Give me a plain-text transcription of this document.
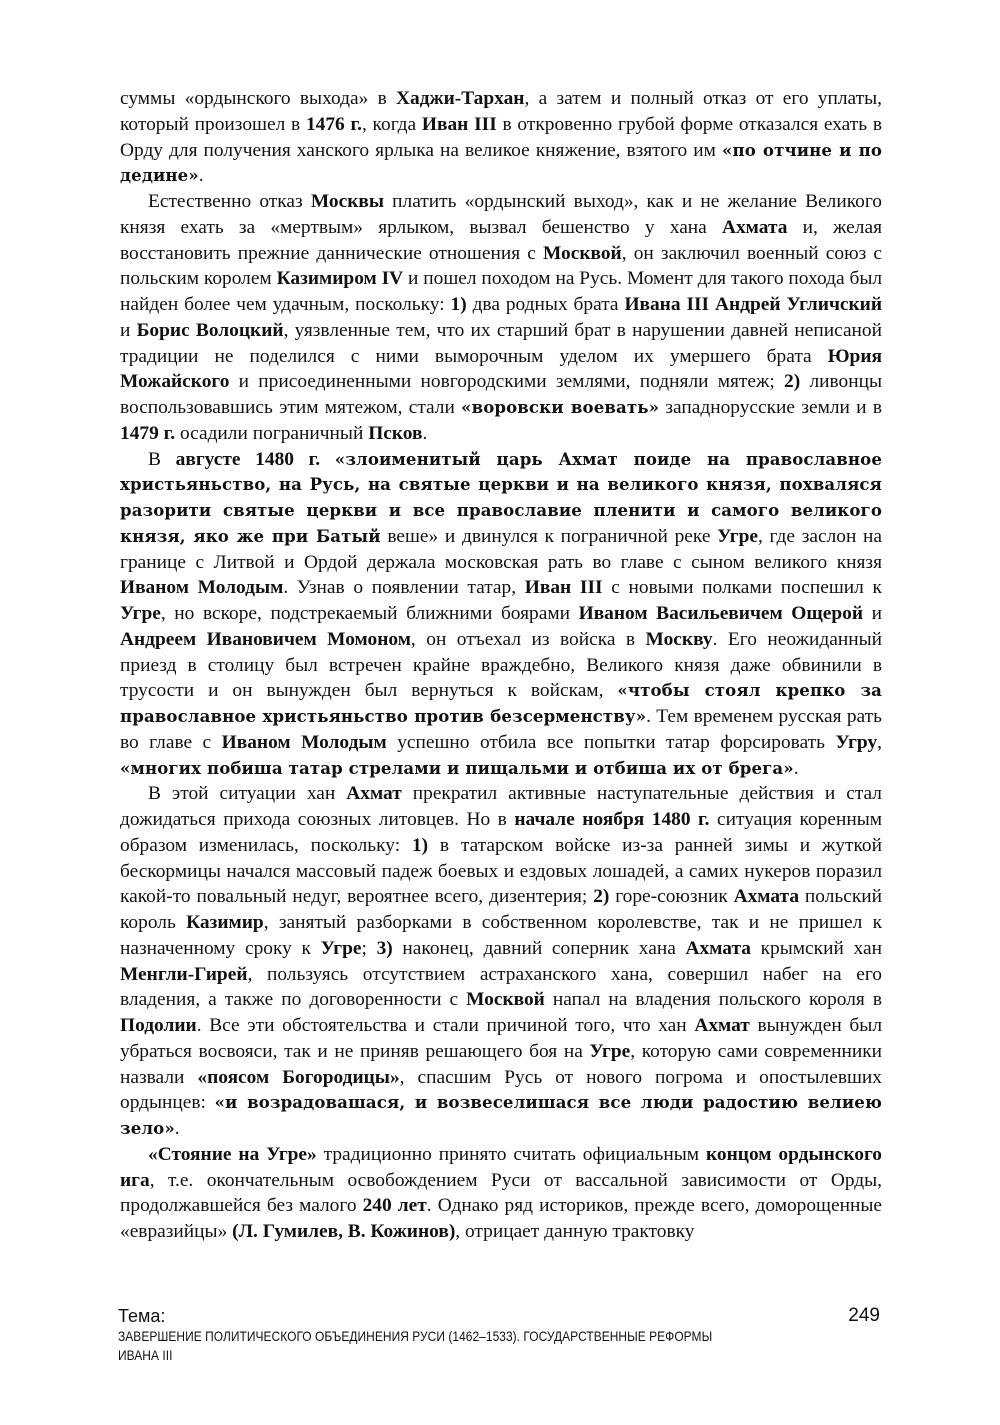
суммы «ордынского выхода» в Хаджи-Тархан, а затем и полный отказ от его уплаты, который произошел в 1476 г., когда Иван III в откровенно грубой форме отказался ехать в Орду для получения ханского ярлыка на великое княжение, взятого им «по отчине и по дедине».

Естественно отказ Москвы платить «ордынский выход», как и не желание Великого князя ехать за «мертвым» ярлыком, вызвал бешенство у хана Ахмата и, желая восстановить прежние даннические отношения с Москвой, он заключил военный союз с польским королем Казимиром IV и пошел походом на Русь. Момент для такого похода был найден более чем удачным, поскольку: 1) два родных брата Ивана III Андрей Угличский и Борис Волоцкий, уязвленные тем, что их старший брат в нарушении давней неписаной традиции не поделился с ними выморочным уделом их умершего брата Юрия Можайского и присоединенными новгородскими землями, подняли мятеж; 2) ливонцы воспользовавшись этим мятежом, стали «воровски воевать» западнорусские земли и в 1479 г. осадили пограничный Псков.

В августе 1480 г. «злоименитый царь Ахмат поиде на православное христьяньство, на Русь, на святые церкви и на великого князя, похваляся разорити святые церкви и все православие пленити и самого великого князя, яко же при Батый веше» и двинулся к пограничной реке Угре, где заслон на границе с Литвой и Ордой держала московская рать во главе с сыном великого князя Иваном Молодым. Узнав о появлении татар, Иван III с новыми полками поспешил к Угре, но вскоре, подстрекаемый ближними боярами Иваном Васильевичем Ощерой и Андреем Ивановичем Момоном, он отъехал из войска в Москву. Его неожиданный приезд в столицу был встречен крайне враждебно, Великого князя даже обвинили в трусости и он вынужден был вернуться к войскам, «чтобы стоял крепко за православное христьяньство против безсерменству». Тем временем русская рать во главе с Иваном Молодым успешно отбила все попытки татар форсировать Угру, «многих побиша татар стрелами и пищальми и отбиша их от брега».

В этой ситуации хан Ахмат прекратил активные наступательные действия и стал дожидаться прихода союзных литовцев. Но в начале ноября 1480 г. ситуация коренным образом изменилась, поскольку: 1) в татарском войске из-за ранней зимы и жуткой бескормицы начался массовый падеж боевых и ездовых лошадей, а самих нукеров поразил какой-то повальный недуг, вероятнее всего, дизентерия; 2) горе-союзник Ахмата польский король Казимир, занятый разборками в собственном королевстве, так и не пришел к назначенному сроку к Угре; 3) наконец, давний соперник хана Ахмата крымский хан Менгли-Гирей, пользуясь отсутствием астраханского хана, совершил набег на его владения, а также по договоренности с Москвой напал на владения польского короля в Подолии. Все эти обстоятельства и стали причиной того, что хан Ахмат вынужден был убраться восвояси, так и не приняв решающего боя на Угре, которую сами современники назвали «поясом Богородицы», спасшим Русь от нового погрома и опостылевших ордынцев: «и возрадовашася, и возвеселишася все люди радостию велиею зело».

«Стояние на Угре» традиционно принято считать официальным концом ордынского ига, т.е. окончательным освобождением Руси от вассальной зависимости от Орды, продолжавшейся без малого 240 лет. Однако ряд историков, прежде всего, доморощенные «евразийцы» (Л. Гумилев, В. Кожинов), отрицает данную трактовку

Тема:	249
ЗАВЕРШЕНИЕ ПОЛИТИЧЕСКОГО ОБЪЕДИНЕНИЯ РУСИ (1462–1533). ГОСУДАРСТВЕННЫЕ РЕФОРМЫ
ИВАНА III
